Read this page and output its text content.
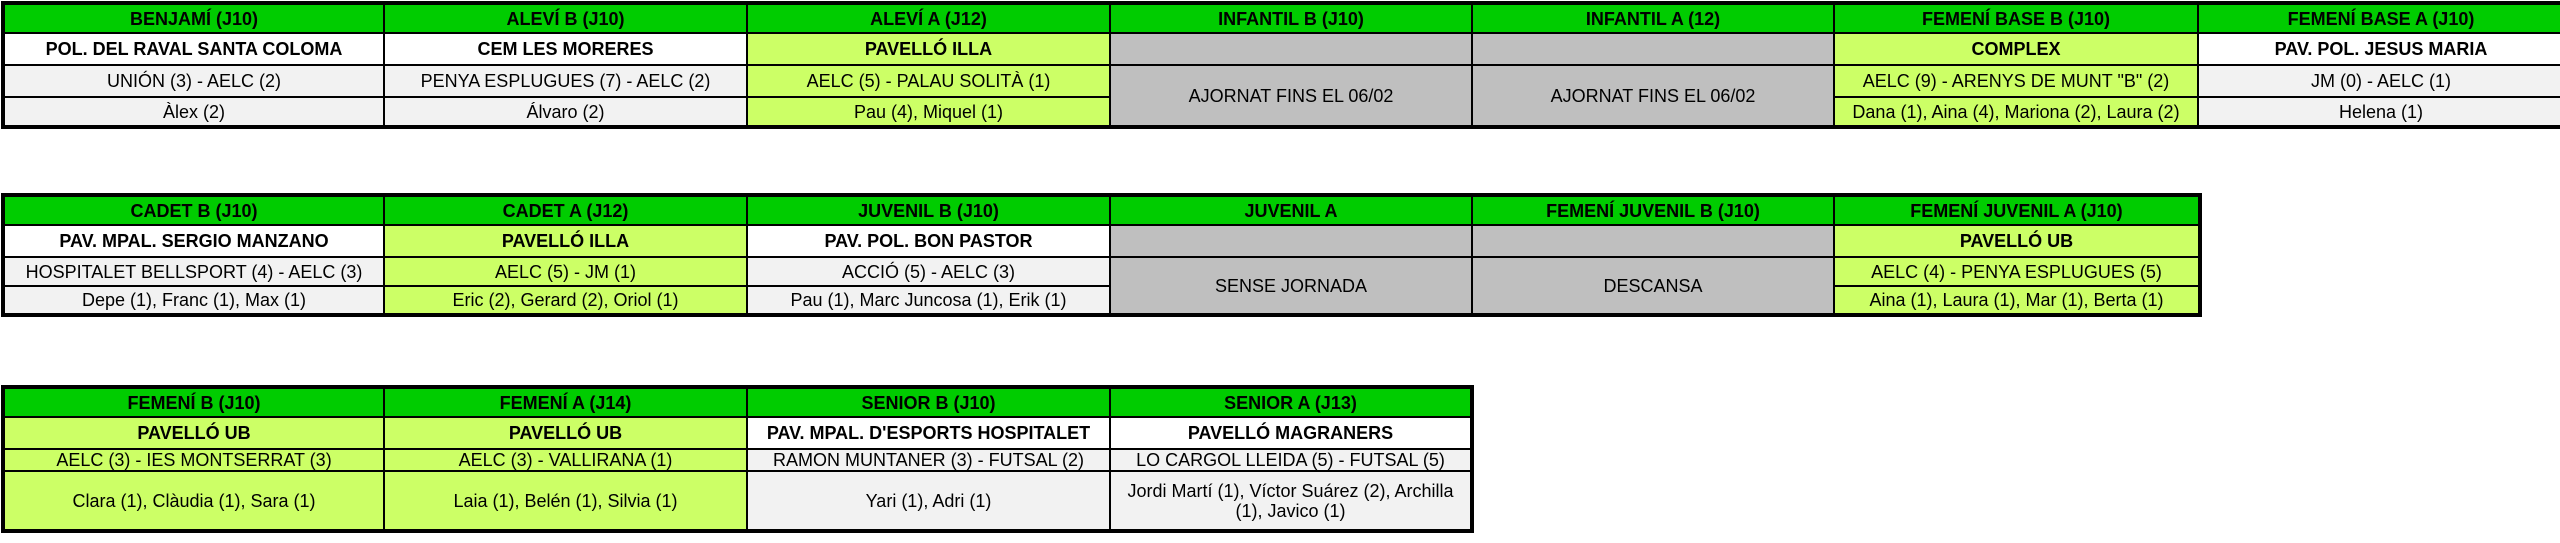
BENJAMÍ (J10)	ALEVÍ B (J10)	ALEVÍ A (J12)	INFANTIL B (J10)	INFANTIL A (12)	FEMENÍ BASE B (J10)	FEMENÍ BASE A (J10)
POL. DEL RAVAL SANTA COLOMA	CEM LES MORERES	PAVELLÓ ILLA			COMPLEX	PAV. POL. JESUS MARIA
UNIÓN (3) - AELC (2)	PENYA ESPLUGUES (7) - AELC (2)	AELC (5) - PALAU SOLITÀ (1)	AJORNAT FINS EL 06/02	AJORNAT FINS EL 06/02	AELC (9) - ARENYS DE MUNT "B" (2)	JM (0) - AELC (1)
Àlex (2)	Álvaro (2)	Pau (4), Miquel (1)			Dana (1), Aina (4), Mariona (2), Laura (2)	Helena (1)
CADET B (J10)	CADET A (J12)	JUVENIL B (J10)	JUVENIL A	FEMENÍ JUVENIL B (J10)	FEMENÍ JUVENIL A (J10)
PAV. MPAL. SERGIO MANZANO	PAVELLÓ ILLA	PAV. POL. BON PASTOR			PAVELLÓ UB
HOSPITALET BELLSPORT (4) - AELC (3)	AELC (5) - JM (1)	ACCIÓ (5) - AELC (3)	SENSE JORNADA	DESCANSA	AELC (4) - PENYA ESPLUGUES (5)
Depe (1), Franc (1), Max (1)	Eric (2), Gerard (2), Oriol (1)	Pau (1), Marc Juncosa (1), Erik (1)			Aina (1), Laura (1), Mar (1), Berta (1)
FEMENÍ B (J10)	FEMENÍ A (J14)	SENIOR B (J10)	SENIOR A (J13)
PAVELLÓ UB	PAVELLÓ UB	PAV. MPAL. D'ESPORTS HOSPITALET	PAVELLÓ MAGRANERS
AELC (3) - IES MONTSERRAT (3)	AELC (3) - VALLIRANA (1)	RAMON MUNTANER (3) - FUTSAL (2)	LO CARGOL LLEIDA (5) - FUTSAL (5)
Clara (1), Clàudia (1), Sara (1)	Laia (1), Belén (1), Silvia (1)	Yari (1), Adri (1)	Jordi Martí (1), Víctor Suárez (2), Archilla (1), Javico (1)
